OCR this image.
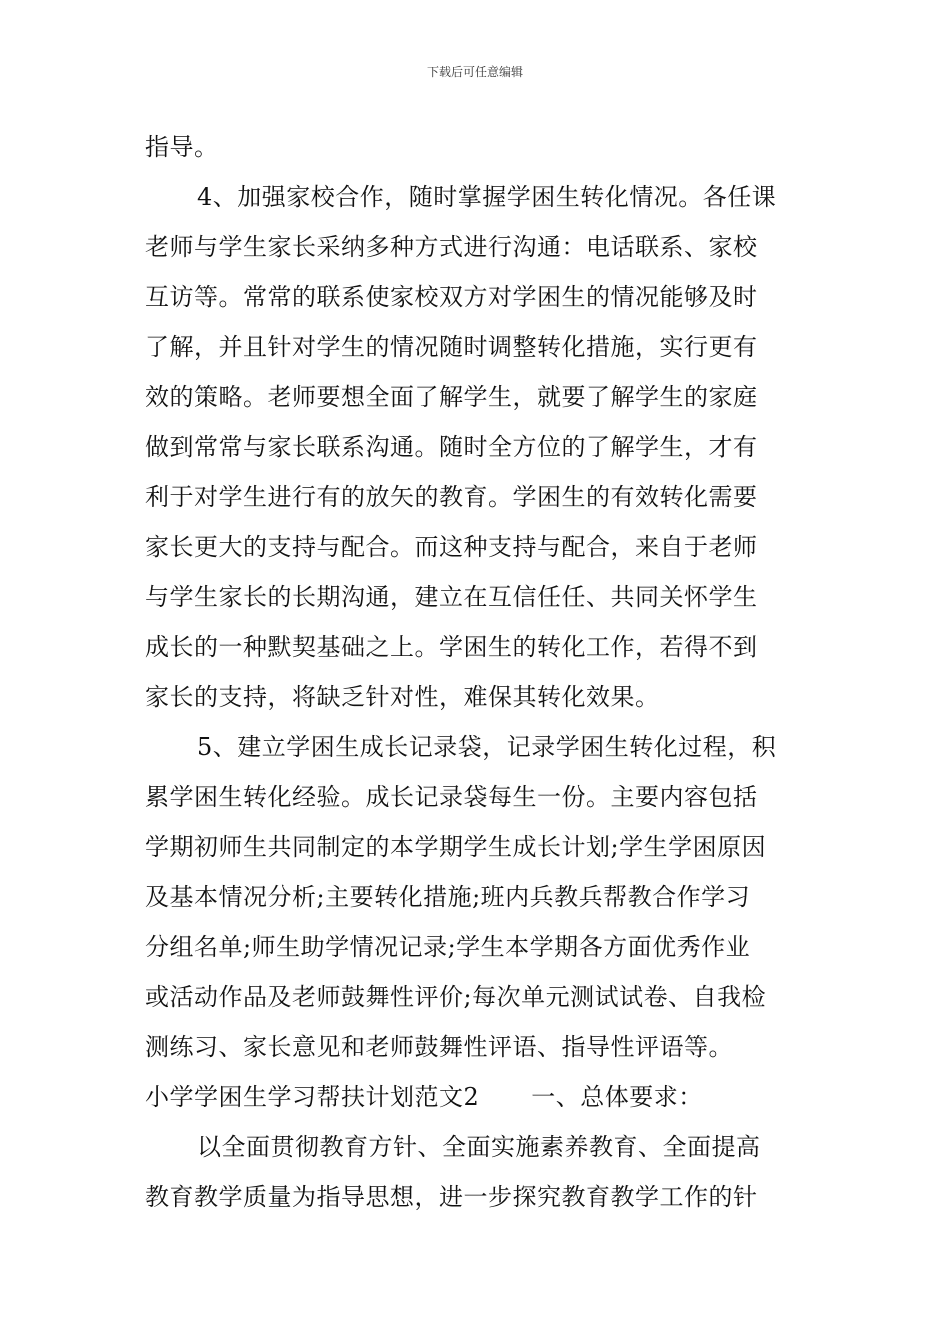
下载后可任意编辑
指导。
4、加强家校合作，随时掌握学困生转化情况。各任课
老师与学生家长采纳多种方式进行沟通：电话联系、家校
互访等。常常的联系使家校双方对学困生的情况能够及时
了解，并且针对学生的情况随时调整转化措施，实行更有
效的策略。老师要想全面了解学生，就要了解学生的家庭
做到常常与家长联系沟通。随时全方位的了解学生，才有
利于对学生进行有的放矢的教育。学困生的有效转化需要
家长更大的支持与配合。而这种支持与配合，来自于老师
与学生家长的长期沟通，建立在互信任任、共同关怀学生
成长的一种默契基础之上。学困生的转化工作，若得不到
家长的支持，将缺乏针对性，难保其转化效果。
5、建立学困生成长记录袋，记录学困生转化过程，积
累学困生转化经验。成长记录袋每生一份。主要内容包括
学期初师生共同制定的本学期学生成长计划;学生学困原因
及基本情况分析;主要转化措施;班内兵教兵帮教合作学习
分组名单;师生助学情况记录;学生本学期各方面优秀作业
或活动作品及老师鼓舞性评价;每次单元测试试卷、自我检
测练习、家长意见和老师鼓舞性评语、指导性评语等。
小学学困生学习帮扶计划范文2 一、总体要求：
以全面贯彻教育方针、全面实施素养教育、全面提高
教育教学质量为指导思想，进一步探究教育教学工作的针
